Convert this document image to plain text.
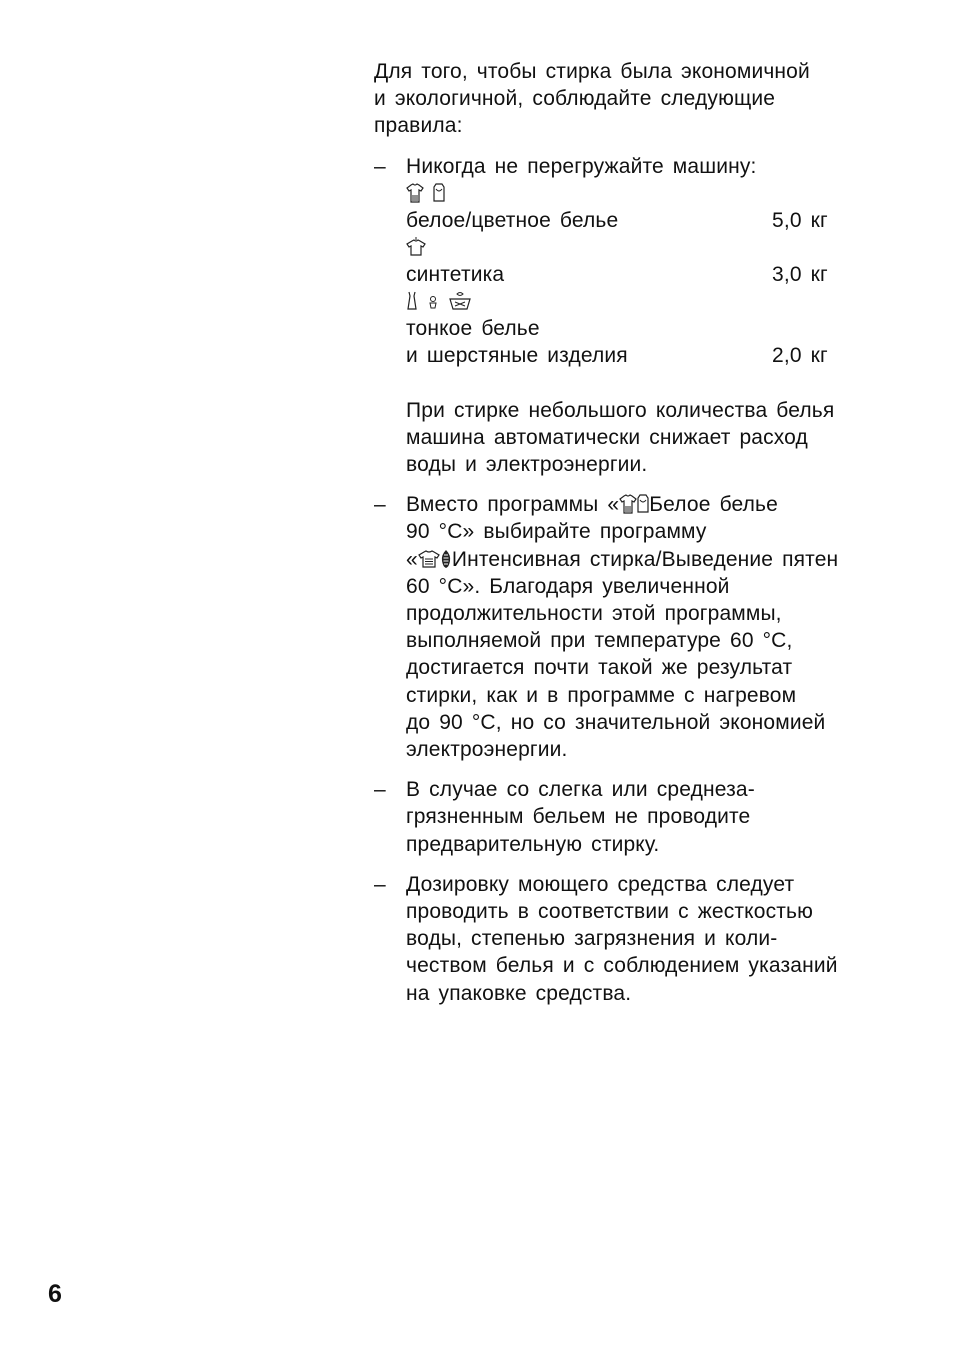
Для того, чтобы стирка была экономичной
и экологичной, соблюдайте следующие
правила:
– Никогда не перегружайте машину:

белое/цветное белье	5,0 кг
синтетика	3,0 кг

тонкое белье
и шерстяные изделия	2,0 кг
При стирке небольшого количества белья
машина автоматически снижает расход
воды и электроэнергии.
– Вместо программы « Белое белье
90 °C» выбирайте программу
« Интенсивная стирка/Выведение пятен
60 °C». Благодаря увеличенной
продолжительности этой программы,
выполняемой при температуре 60 °C,
достигается почти такой же результат
стирки, как и в программе с нагревом
до 90 °C, но со значительной экономией
электроэнергии.
– В случае со слегка или среднеза-
грязненным бельем не проводите
предварительную стирку.
– Дозировку моющего средства следует
проводить в соответствии с жесткостью
воды, степенью загрязнения и коли-
чеством белья и с соблюдением указаний
на упаковке средства.
6
